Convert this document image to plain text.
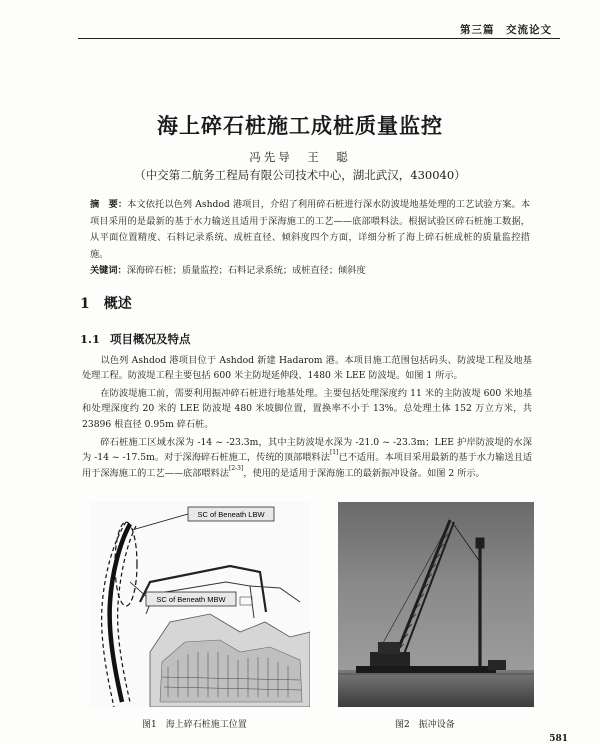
第三篇　交流论文
海上碎石桩施工成桩质量监控
冯先导　王　聪
（中交第二航务工程局有限公司技术中心，湖北武汉，430040）
摘　要：本文依托以色列 Ashdod 港项目，介绍了利用碎石桩进行深水防波堤地基处理的工艺试验方案。本项目采用的是最新的基于水力输送且适用于深海施工的工艺——底部喂料法。根据试验区碎石桩施工数据，从平面位置精度、石料记录系统、成桩直径、倾斜度四个方面，详细分析了海上碎石桩成桩的质量监控措施。
关键词：深海碎石桩；质量监控；石料记录系统；成桩直径；倾斜度
1 概述
1.1 项目概况及特点

以色列 Ashdod 港项目位于 Ashdod 新建 Hadarom 港。本项目施工范围包括码头、防波堤工程及地基处理工程。防波堤工程主要包括 600 米主防堤延伸段、1480 米 LEE 防波堤。如图 1 所示。

在防波堤施工前，需要利用振冲碎石桩进行地基处理。主要包括处理深度约 11 米的主防波堤 600 米地基和处理深度约 20 米的 LEE 防波堤 480 米坡脚位置，置换率不小于 13%。总处理土体 152 万立方米，共 23896 根直径 0.95m 碎石桩。

碎石桩施工区域水深为 -14 ~ -23.3m，其中主防波堤水深为 -21.0 ~ -23.3m；LEE 护岸防波堤的水深为 -14 ~ -17.5m。对于深海碎石桩施工，传统的顶部喂料法[1]已不适用。本项目采用最新的基于水力输送且适用于深海施工的工艺——底部喂料法[2-3]，使用的是适用于深海施工的最新振冲设备。如图 2 所示。

SC of Beneath LBW
SC of Beneath MBW
图1　海上碎石桩施工位置	图2　振冲设备
581
